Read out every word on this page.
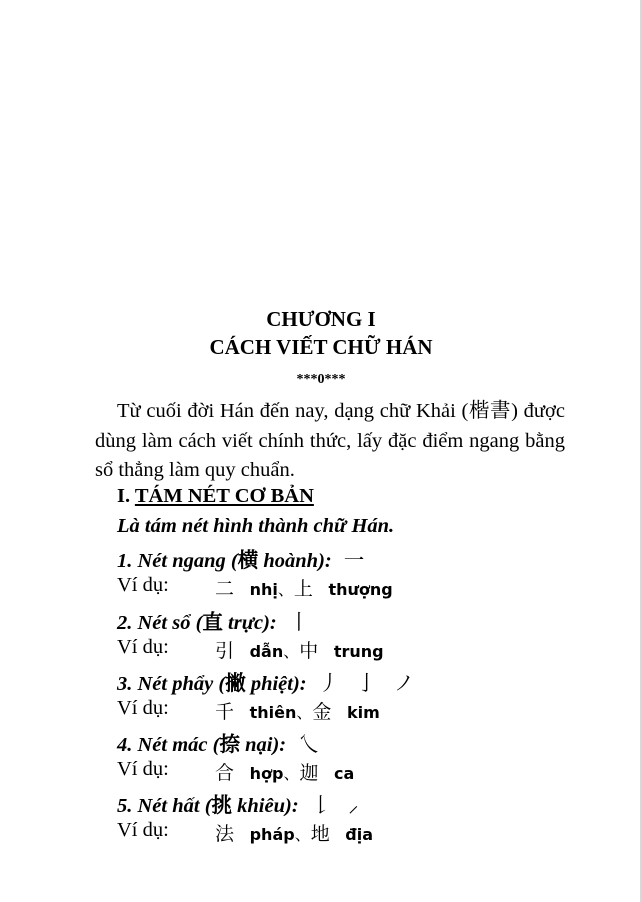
CHƯƠNG I
CÁCH VIẾT CHỮ HÁN
***0***
Từ cuối đời Hán đến nay, dạng chữ Khải (楷書) được dùng làm cách viết chính thức, lấy đặc điểm ngang bằng sổ thẳng làm quy chuẩn.
I. TÁM NÉT CƠ BẢN
Là tám nét hình thành chữ Hán.
1. Nét ngang (横 hoành): 一
Ví dụ: 二 nhị、上 thượng
2. Nét sổ (直 trực): 丨
Ví dụ: 引 dẫn、中 trung
3. Nét phẩy (撇 phiệt): 丿 亅 ノ
Ví dụ: 千 thiên、金 kim
4. Nét mác (捺 nại): 乀
Ví dụ: 合 hợp、迦 ca
5. Nét hất (挑 khiêu): 𠄌 ⸝
Ví dụ: 法 pháp、地 địa
